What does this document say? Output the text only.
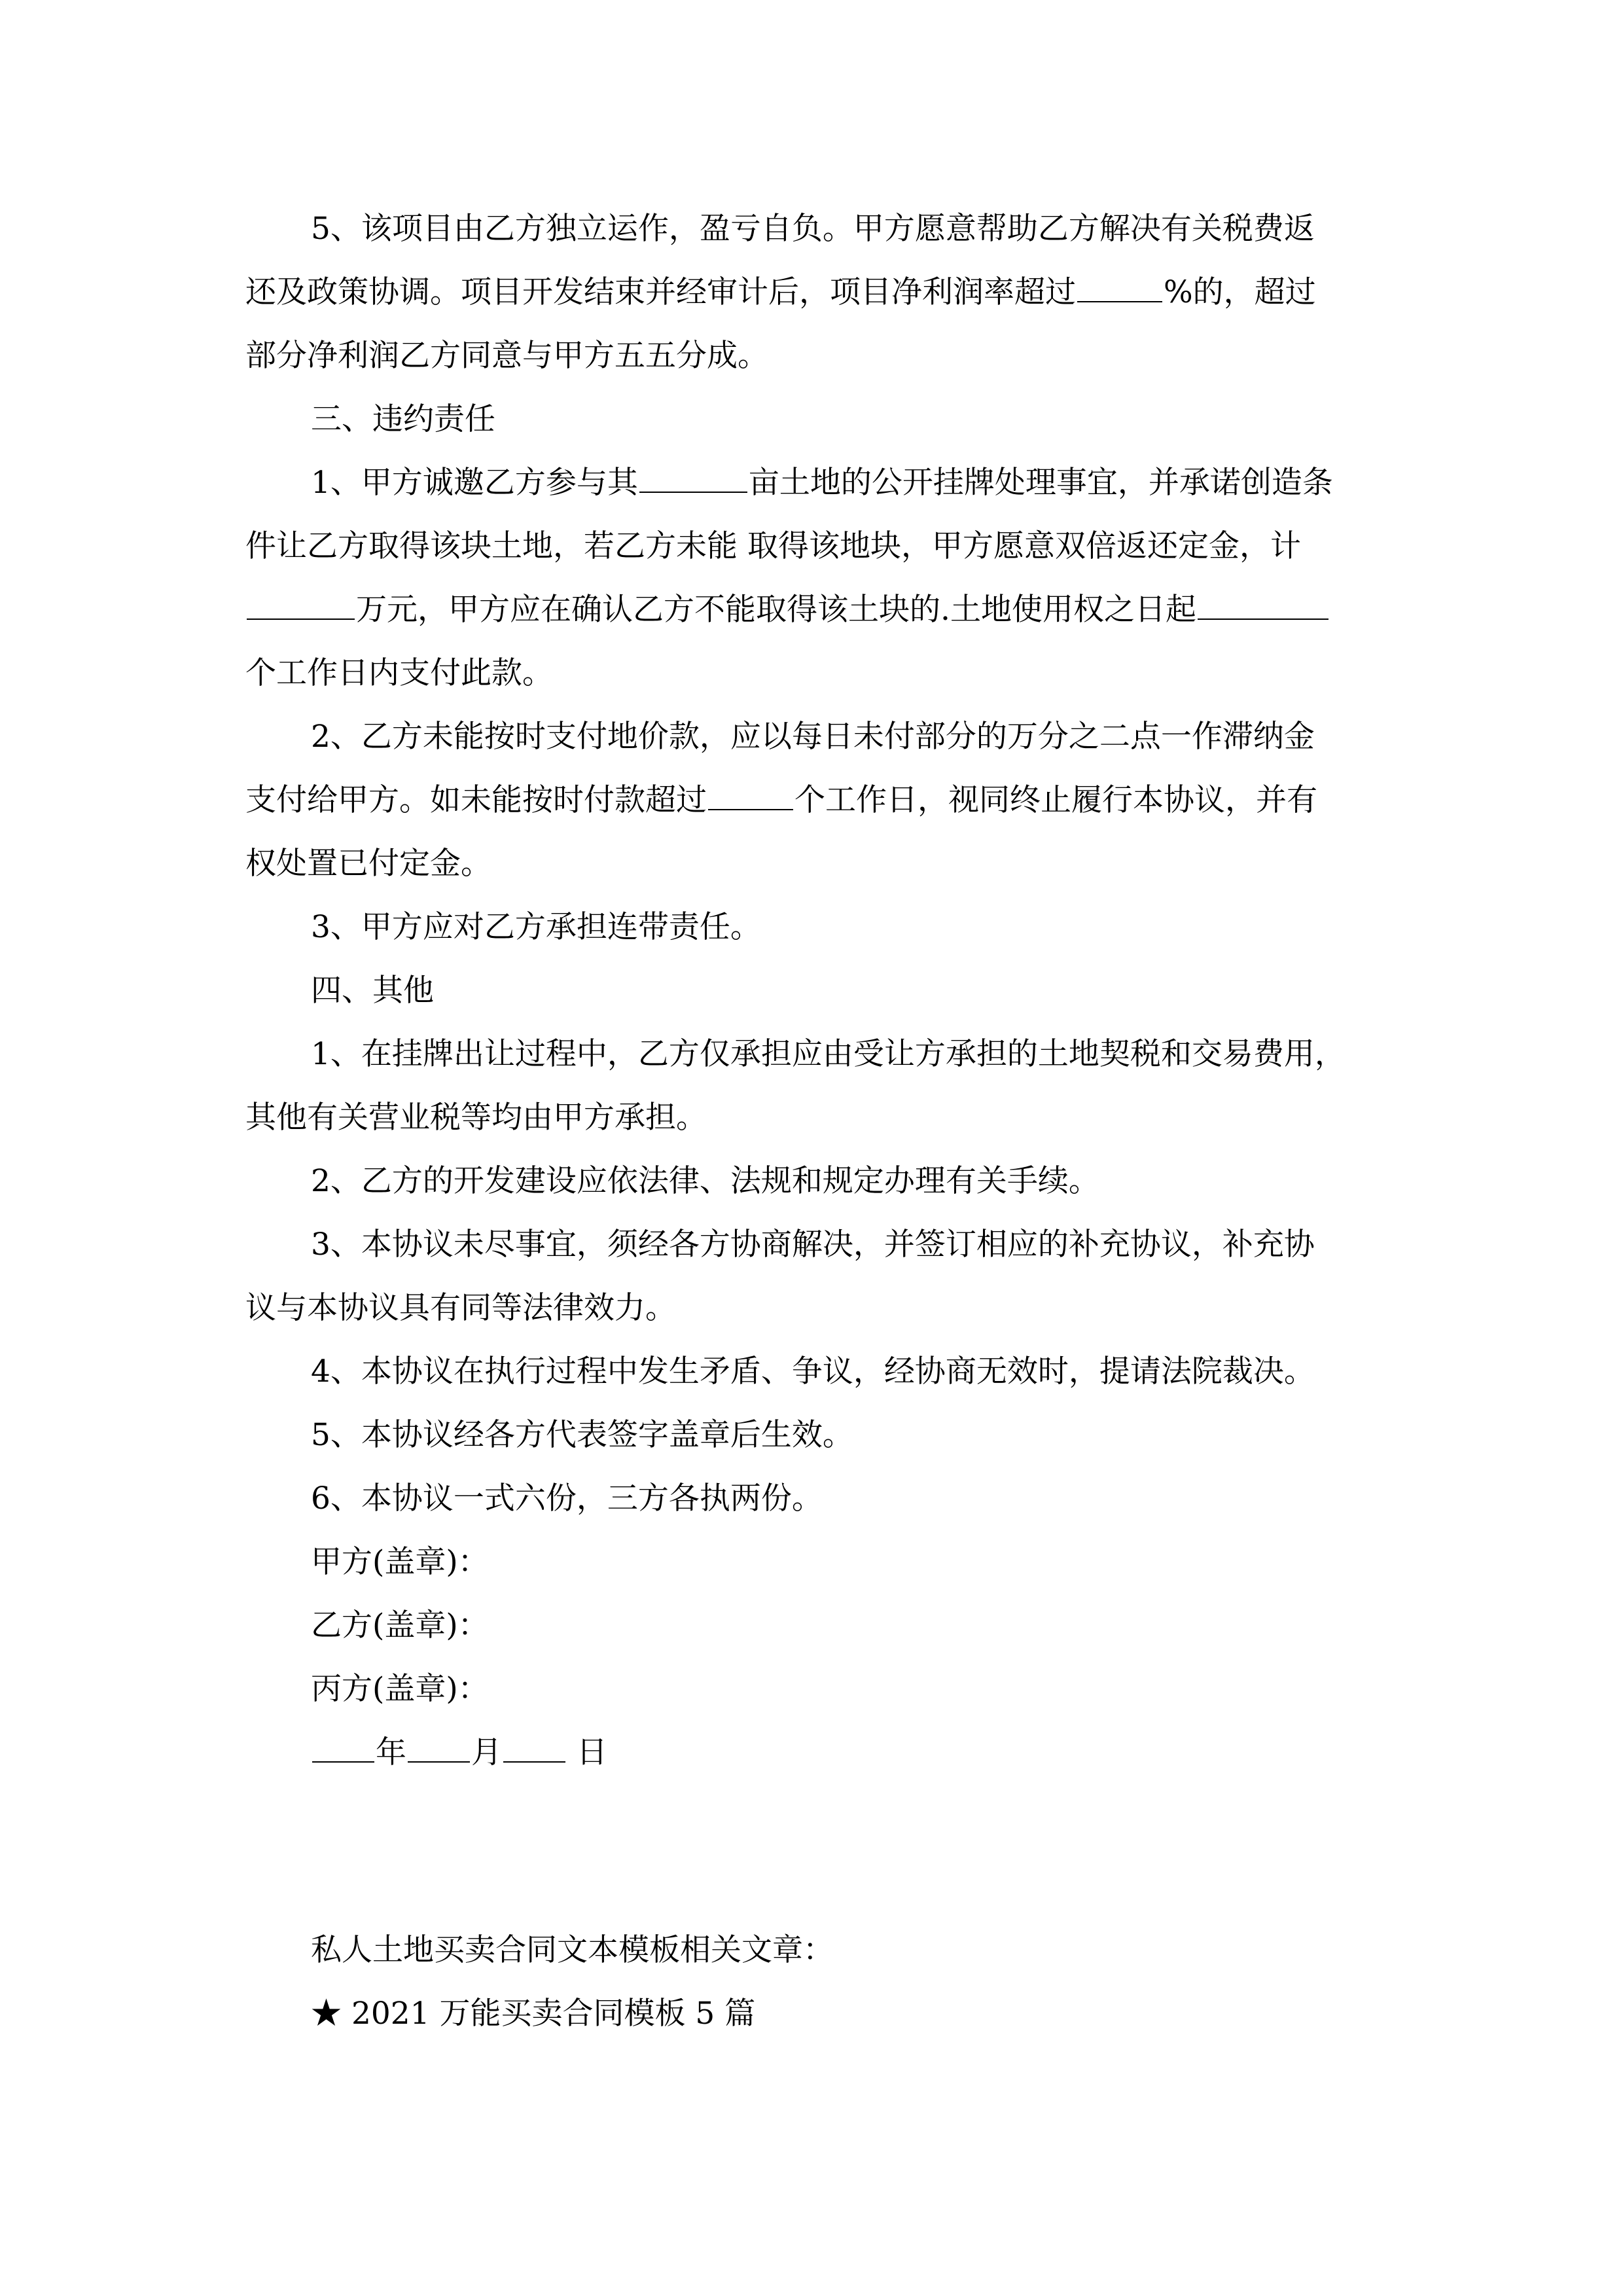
5、该项目由乙方独立运作，盈亏自负。甲方愿意帮助乙方解决有关税费返
还及政策协调。项目开发结束并经审计后，项目净利润率超过	%的，超过
部分净利润乙方同意与甲方五五分成。
三、违约责任
1、甲方诚邀乙方参与其	亩土地的公开挂牌处理事宜，并承诺创造条
件让乙方取得该块土地，若乙方未能 取得该地块，甲方愿意双倍返还定金，计
万元，甲方应在确认乙方不能取得该土块的.土地使用权之日起
个工作日内支付此款。
2、乙方未能按时支付地价款，应以每日未付部分的万分之二点一作滞纳金
支付给甲方。如未能按时付款超过	个工作日，视同终止履行本协议，并有
权处置已付定金。
3、甲方应对乙方承担连带责任。
四、其他
1、在挂牌出让过程中，乙方仅承担应由受让方承担的土地契税和交易费用，
其他有关营业税等均由甲方承担。
2、乙方的开发建设应依法律、法规和规定办理有关手续。
3、本协议未尽事宜，须经各方协商解决，并签订相应的补充协议，补充协
议与本协议具有同等法律效力。
4、本协议在执行过程中发生矛盾、争议，经协商无效时，提请法院裁决。
5、本协议经各方代表签字盖章后生效。
6、本协议一式六份，三方各执两份。
甲方(盖章)：
乙方(盖章)：
丙方(盖章)：
年 月 日
私人土地买卖合同文本模板相关文章：
★ 2021 万能买卖合同模板 5 篇
